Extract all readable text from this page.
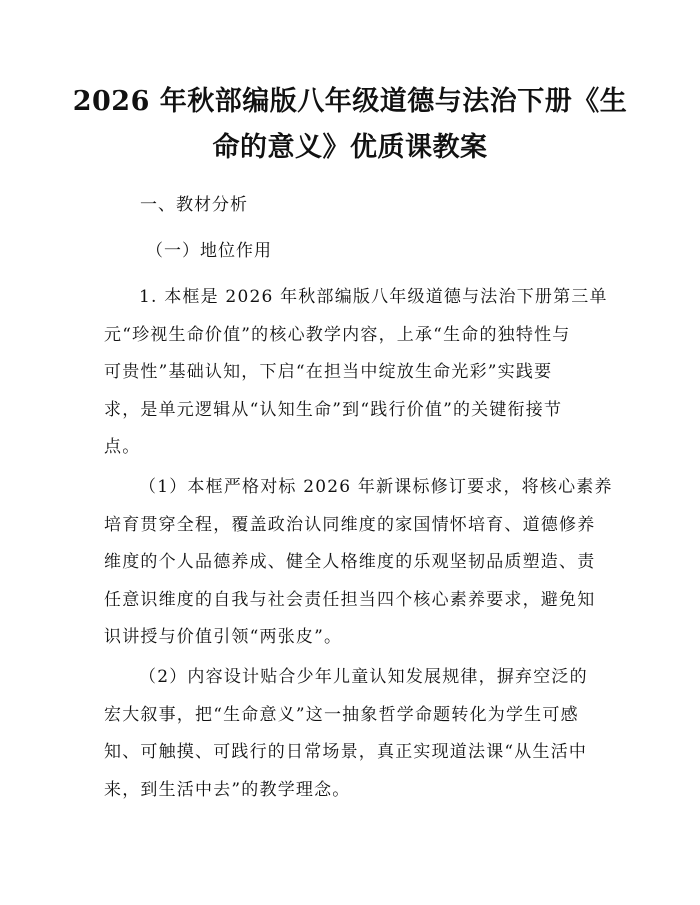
2026 年秋部编版八年级道德与法治下册《生
命的意义》优质课教案
一、教材分析
（一）地位作用
1. 本框是 2026 年秋部编版八年级道德与法治下册第三单
元“珍视生命价值”的核心教学内容，上承“生命的独特性与
可贵性”基础认知，下启“在担当中绽放生命光彩”实践要
求，是单元逻辑从“认知生命”到“践行价值”的关键衔接节
点。
（1）本框严格对标 2026 年新课标修订要求，将核心素养
培育贯穿全程，覆盖政治认同维度的家国情怀培育、道德修养
维度的个人品德养成、健全人格维度的乐观坚韧品质塑造、责
任意识维度的自我与社会责任担当四个核心素养要求，避免知
识讲授与价值引领“两张皮”。
（2）内容设计贴合少年儿童认知发展规律，摒弃空泛的
宏大叙事，把“生命意义”这一抽象哲学命题转化为学生可感
知、可触摸、可践行的日常场景，真正实现道法课“从生活中
来，到生活中去”的教学理念。
